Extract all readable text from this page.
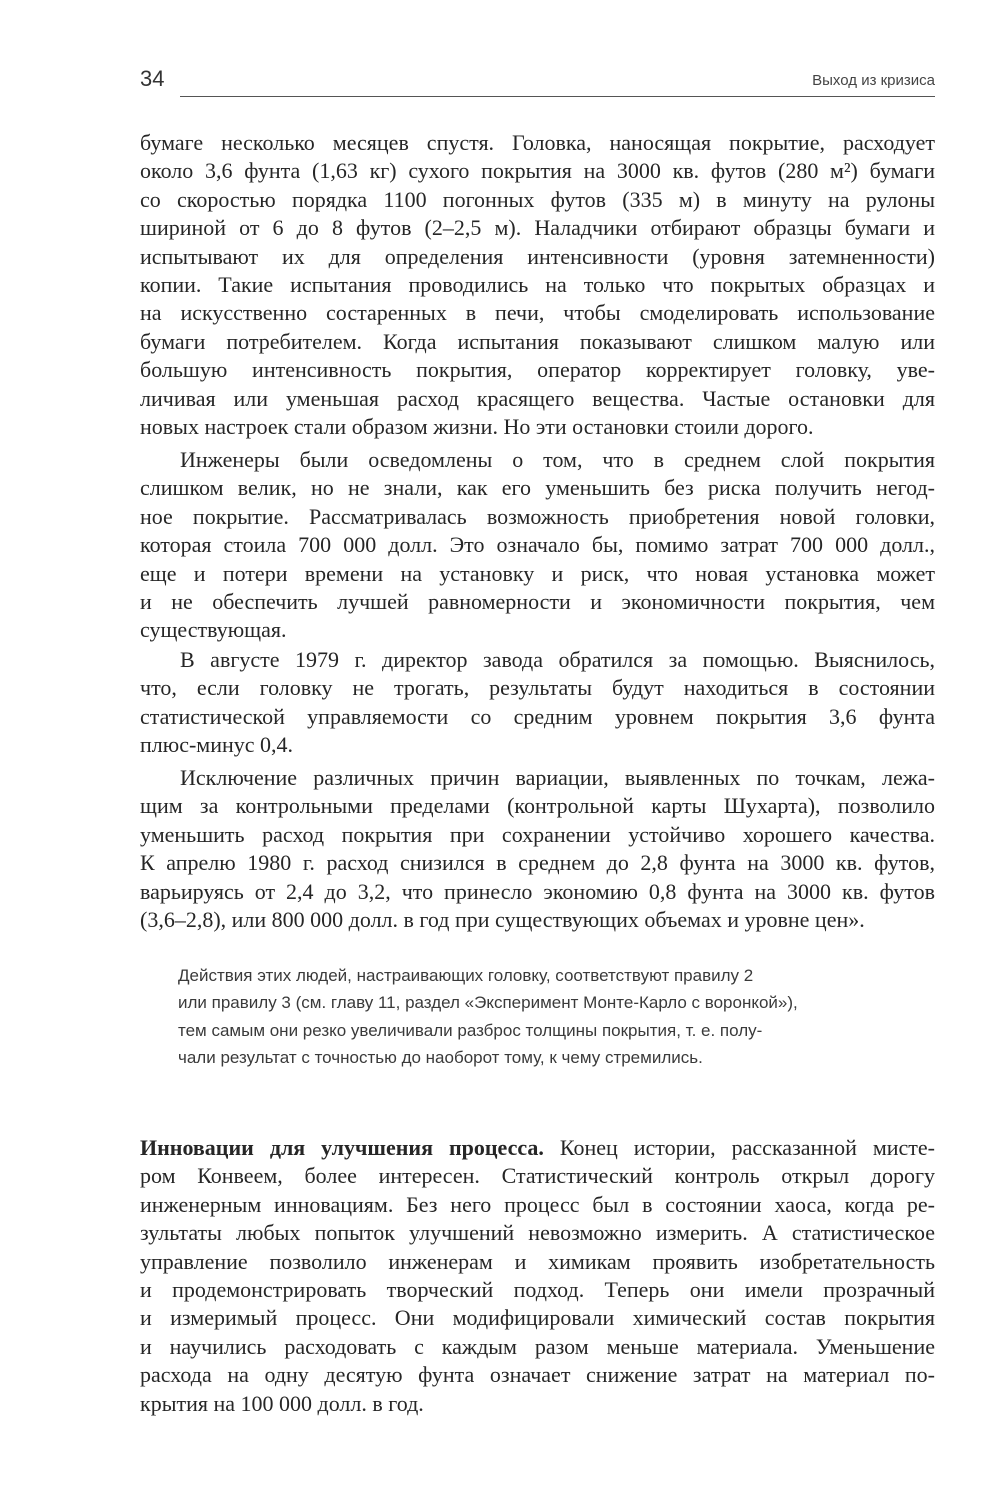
34	Выход из кризиса
бумаге несколько месяцев спустя. Головка, наносящая покрытие, расходует
около 3,6 фунта (1,63 кг) сухого покрытия на 3000 кв. футов (280 м²) бумаги
со скоростью порядка 1100 погонных футов (335 м) в минуту на рулоны
шириной от 6 до 8 футов (2–2,5 м). Наладчики отбирают образцы бумаги и
испытывают их для определения интенсивности (уровня затемненности)
копии. Такие испытания проводились на только что покрытых образцах и
на искусственно состаренных в печи, чтобы смоделировать использование
бумаги потребителем. Когда испытания показывают слишком малую или
большую интенсивность покрытия, оператор корректирует головку, уве-
личивая или уменьшая расход красящего вещества. Частые остановки для
новых настроек стали образом жизни. Но эти остановки стоили дорого.
Инженеры были осведомлены о том, что в среднем слой покрытия
слишком велик, но не знали, как его уменьшить без риска получить негод-
ное покрытие. Рассматривалась возможность приобретения новой головки,
которая стоила 700 000 долл. Это означало бы, помимо затрат 700 000 долл.,
еще и потери времени на установку и риск, что новая установка может
и не обеспечить лучшей равномерности и экономичности покрытия, чем
существующая.
В августе 1979 г. директор завода обратился за помощью. Выяснилось,
что, если головку не трогать, результаты будут находиться в состоянии
статистической управляемости со средним уровнем покрытия 3,6 фунта
плюс-минус 0,4.
Исключение различных причин вариации, выявленных по точкам, лежа-
щим за контрольными пределами (контрольной карты Шухарта), позволило
уменьшить расход покрытия при сохранении устойчиво хорошего качества.
К апрелю 1980 г. расход снизился в среднем до 2,8 фунта на 3000 кв. футов,
варьируясь от 2,4 до 3,2, что принесло экономию 0,8 фунта на 3000 кв. футов
(3,6–2,8), или 800 000 долл. в год при существующих объемах и уровне цен».
Действия этих людей, настраивающих головку, соответствуют правилу 2
или правилу 3 (см. главу 11, раздел «Эксперимент Монте-Карло с воронкой»),
тем самым они резко увеличивали разброс толщины покрытия, т. е. полу-
чали результат с точностью до наоборот тому, к чему стремились.
Инновации для улучшения процесса. Конец истории, рассказанной мисте-
ром Конвеем, более интересен. Статистический контроль открыл дорогу
инженерным инновациям. Без него процесс был в состоянии хаоса, когда ре-
зультаты любых попыток улучшений невозможно измерить. А статистическое
управление позволило инженерам и химикам проявить изобретательность
и продемонстрировать творческий подход. Теперь они имели прозрачный
и измеримый процесс. Они модифицировали химический состав покрытия
и научились расходовать с каждым разом меньше материала. Уменьшение
расхода на одну десятую фунта означает снижение затрат на материал по-
крытия на 100 000 долл. в год.
